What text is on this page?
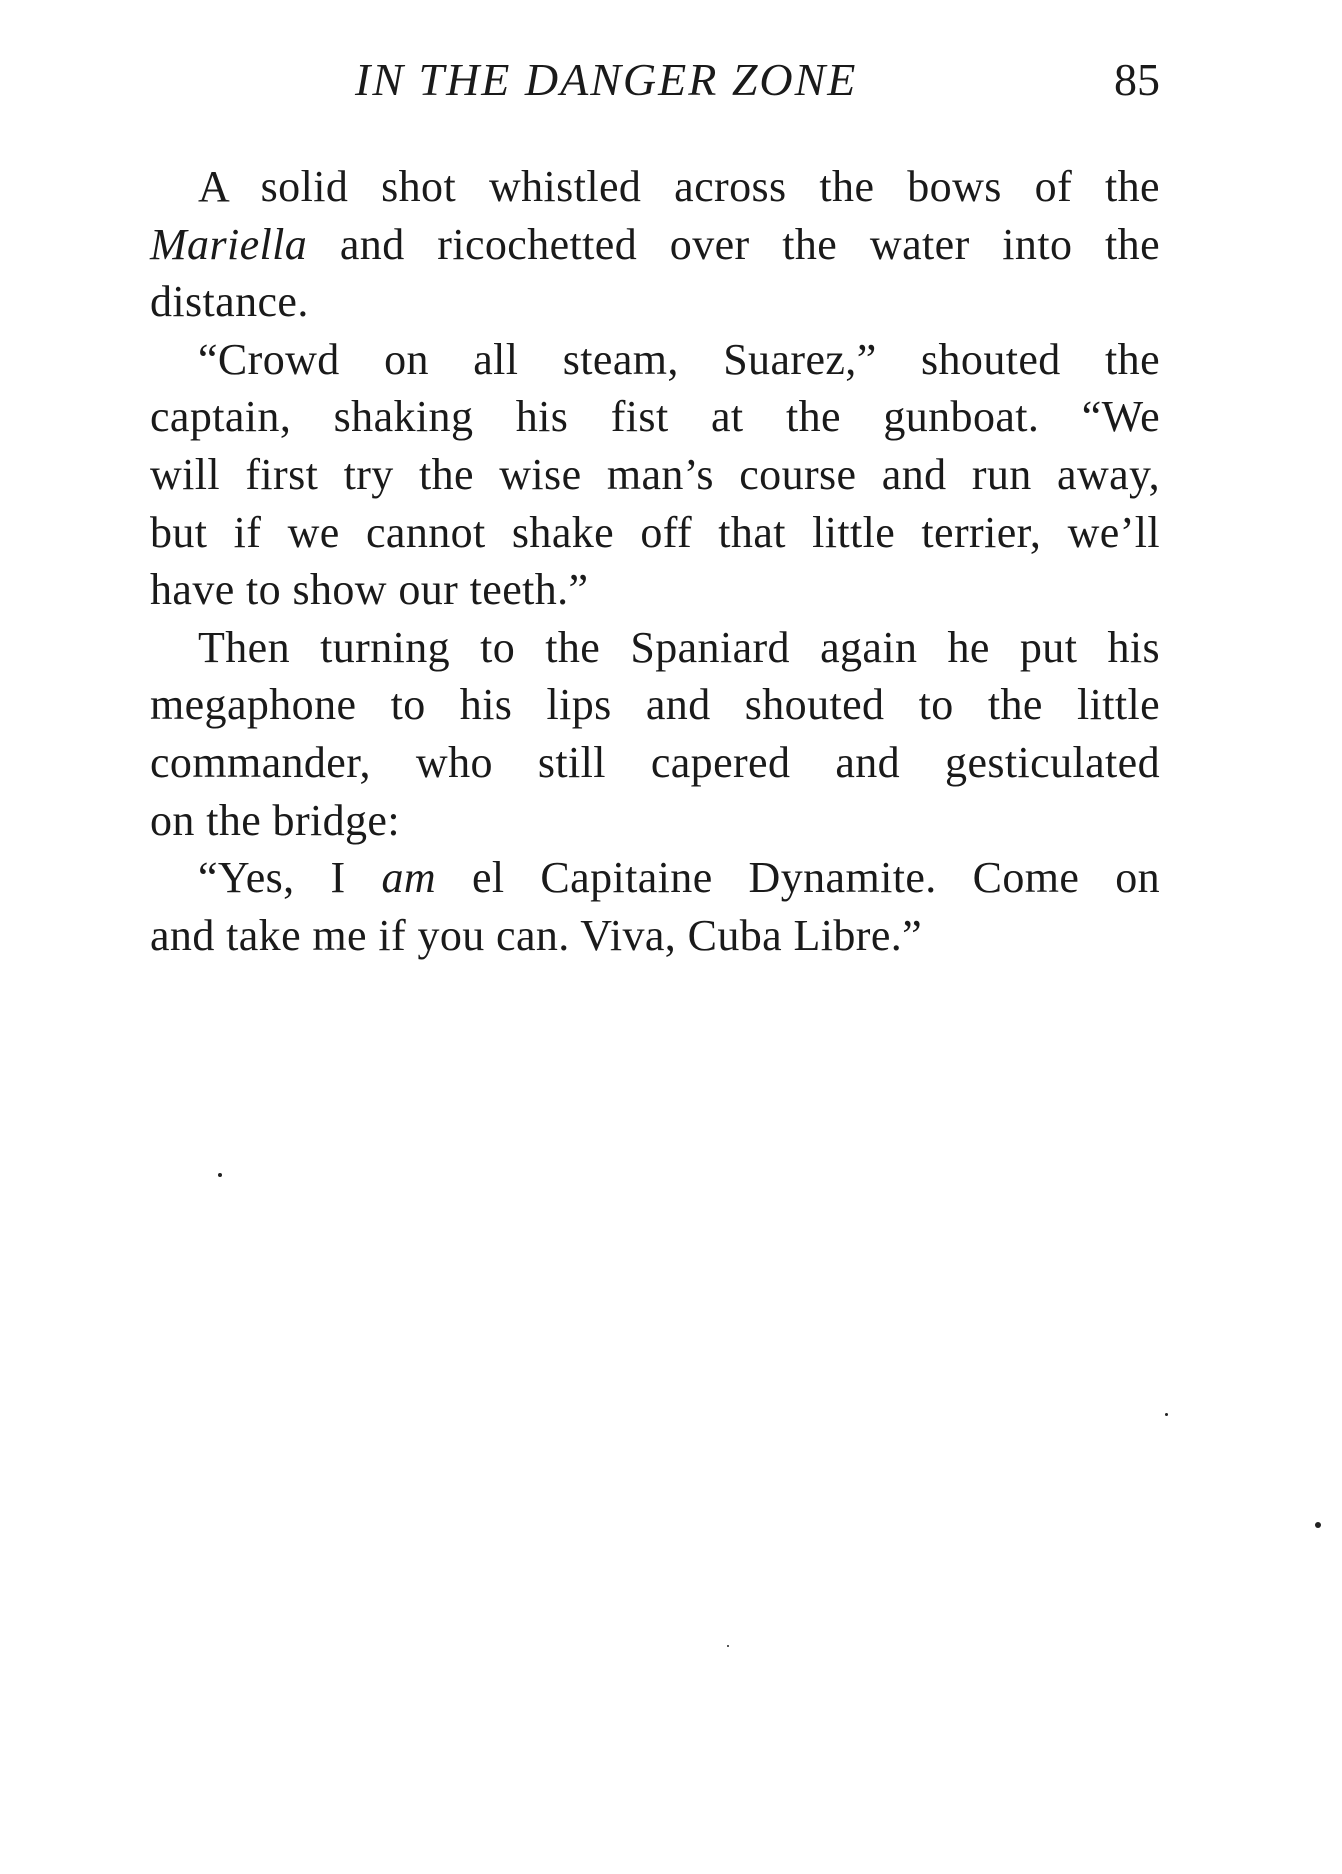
IN THE DANGER ZONE	85

A solid shot whistled across the bows of the
Mariella and ricochetted over the water into the
distance.

“Crowd on all steam, Suarez,” shouted the
captain, shaking his fist at the gunboat. “We
will first try the wise man’s course and run away,
but if we cannot shake off that little terrier, we’ll
have to show our teeth.”

Then turning to the Spaniard again he put his
megaphone to his lips and shouted to the little
commander, who still capered and gesticulated
on the bridge:

“Yes, I am el Capitaine Dynamite. Come on
and take me if you can. Viva, Cuba Libre.”
